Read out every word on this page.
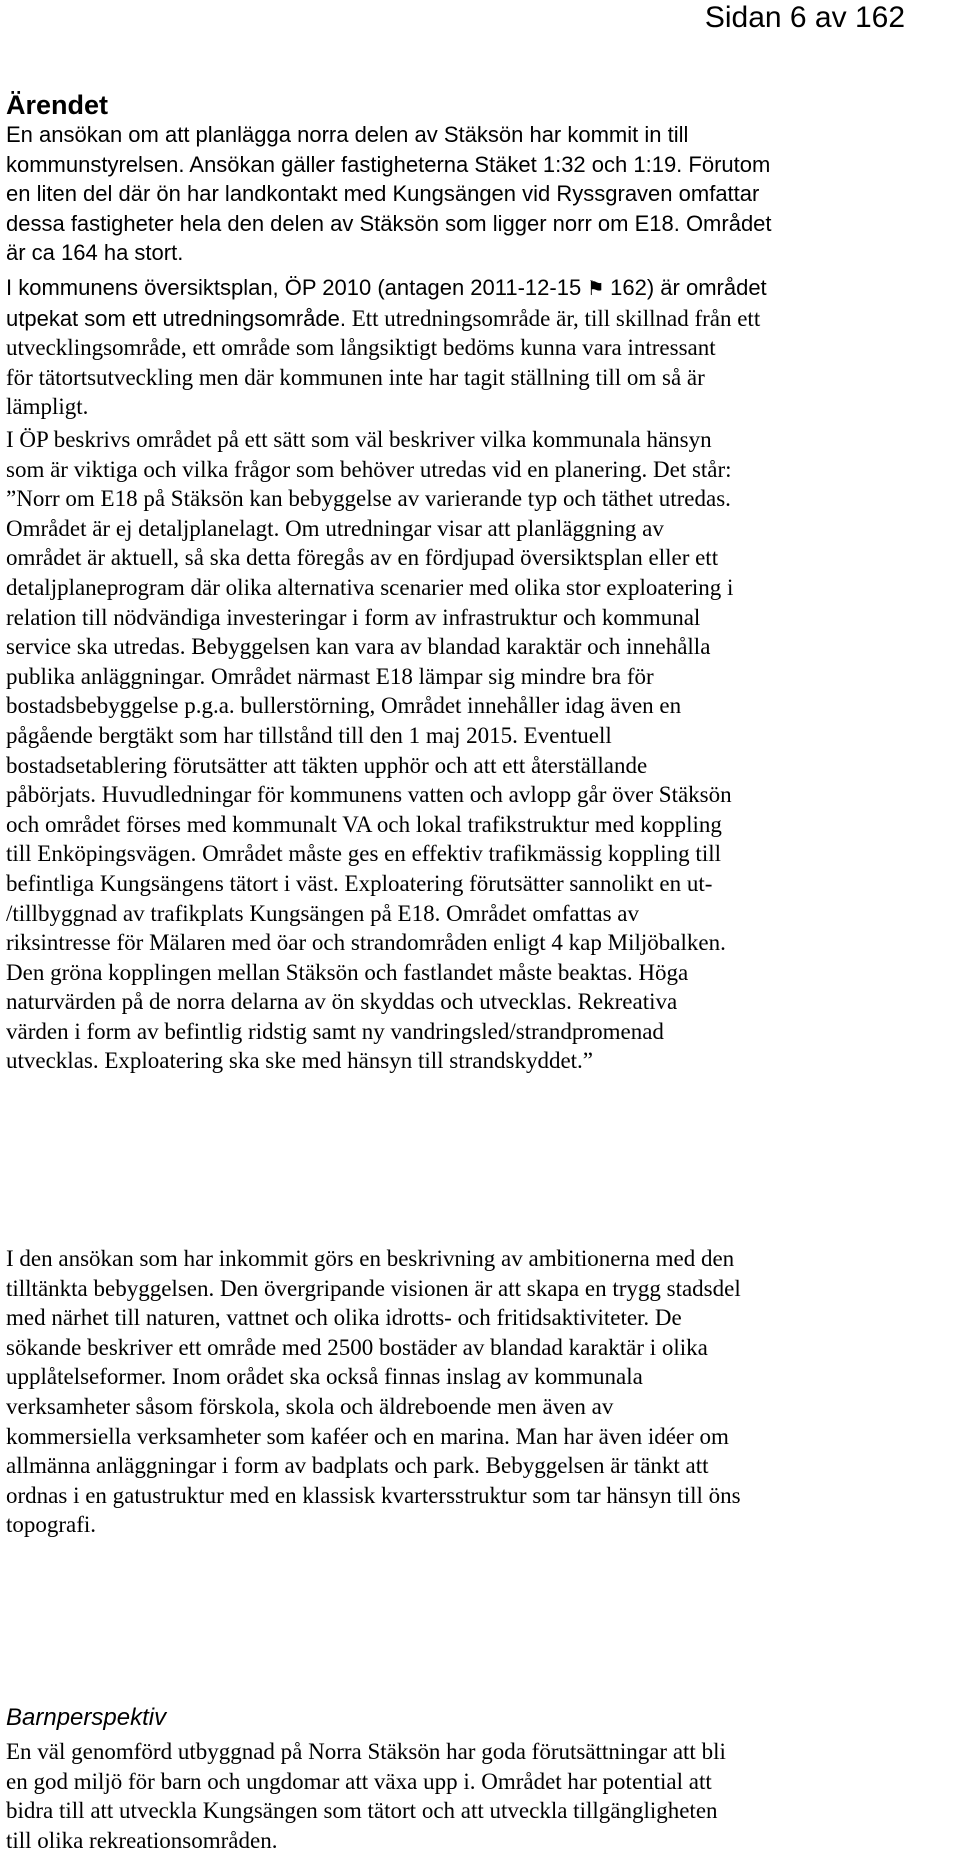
Sidan 6 av 162
Ärendet
En ansökan om att planlägga norra delen av Stäksön har kommit in till
kommunstyrelsen. Ansökan gäller fastigheterna Stäket 1:32 och 1:19. Förutom
en liten del där ön har landkontakt med Kungsängen vid Ryssgraven omfattar
dessa fastigheter hela den delen av Stäksön som ligger norr om E18. Området
är ca 164 ha stort.
I kommunens översiktsplan, ÖP 2010 (antagen 2011-12-15 ⚑ 162) är området
utpekat som ett utredningsområde. Ett utredningsområde är, till skillnad från ett
utvecklingsområde, ett område som långsiktigt bedöms kunna vara intressant
för tätortsutveckling men där kommunen inte har tagit ställning till om så är
lämpligt.
I ÖP beskrivs området på ett sätt som väl beskriver vilka kommunala hänsyn
som är viktiga och vilka frågor som behöver utredas vid en planering. Det står:
”Norr om E18 på Stäksön kan bebyggelse av varierande typ och täthet utredas.
Området är ej detaljplanelagt. Om utredningar visar att planläggning av
området är aktuell, så ska detta föregås av en fördjupad översiktsplan eller ett
detaljplaneprogram där olika alternativa scenarier med olika stor exploatering i
relation till nödvändiga investeringar i form av infrastruktur och kommunal
service ska utredas. Bebyggelsen kan vara av blandad karaktär och innehålla
publika anläggningar. Området närmast E18 lämpar sig mindre bra för
bostadsbebyggelse p.g.a. bullerstörning, Området innehåller idag även en
pågående bergtäkt som har tillstånd till den 1 maj 2015. Eventuell
bostadsetablering förutsätter att täkten upphör och att ett återställande
påbörjats. Huvudledningar för kommunens vatten och avlopp går över Stäksön
och området förses med kommunalt VA och lokal trafikstruktur med koppling
till Enköpingsvägen. Området måste ges en effektiv trafikmässig koppling till
befintliga Kungsängens tätort i väst. Exploatering förutsätter sannolikt en ut-
/tillbyggnad av trafikplats Kungsängen på E18. Området omfattas av
riksintresse för Mälaren med öar och strandområden enligt 4 kap Miljöbalken.
Den gröna kopplingen mellan Stäksön och fastlandet måste beaktas. Höga
naturvärden på de norra delarna av ön skyddas och utvecklas. Rekreativa
värden i form av befintlig ridstig samt ny vandringsled/strandpromenad
utvecklas. Exploatering ska ske med hänsyn till strandskyddet.”
I den ansökan som har inkommit görs en beskrivning av ambitionerna med den
tilltänkta bebyggelsen. Den övergripande visionen är att skapa en trygg stadsdel
med närhet till naturen, vattnet och olika idrotts- och fritidsaktiviteter. De
sökande beskriver ett område med 2500 bostäder av blandad karaktär i olika
upplåtelseformer. Inom orådet ska också finnas inslag av kommunala
verksamheter såsom förskola, skola och äldreboende men även av
kommersiella verksamheter som kaféer och en marina. Man har även idéer om
allmänna anläggningar i form av badplats och park. Bebyggelsen är tänkt att
ordnas i en gatustruktur med en klassisk kvartersstruktur som tar hänsyn till öns
topografi.
Barnperspektiv
En väl genomförd utbyggnad på Norra Stäksön har goda förutsättningar att bli
en god miljö för barn och ungdomar att växa upp i. Området har potential att
bidra till att utveckla Kungsängen som tätort och att utveckla tillgängligheten
till olika rekreationsområden.
